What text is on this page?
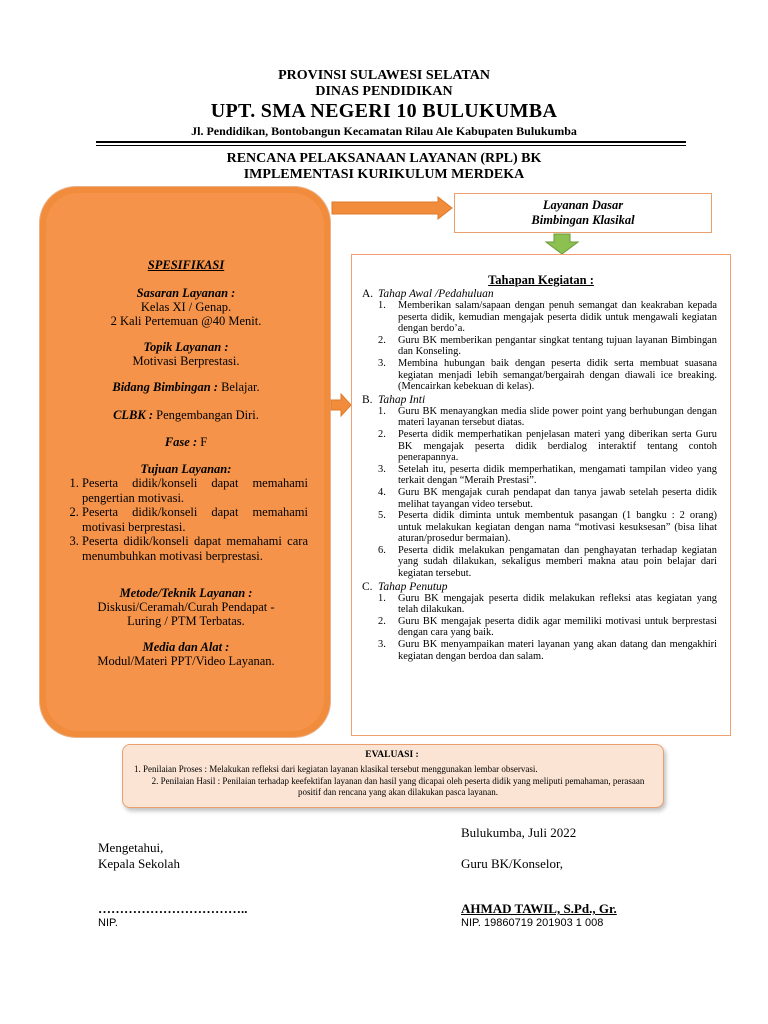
PROVINSI SULAWESI SELATAN
DINAS PENDIDIKAN
UPT. SMA NEGERI 10 BULUKUMBA
Jl. Pendidikan, Bontobangun Kecamatan Rilau Ale Kabupaten Bulukumba
RENCANA PELAKSANAAN LAYANAN (RPL) BK
IMPLEMENTASI KURIKULUM MERDEKA
SPESIFIKASI
Sasaran Layanan :
Kelas XI / Genap.
2 Kali Pertemuan @40 Menit.
Topik Layanan :
Motivasi Berprestasi.
Bidang Bimbingan : Belajar.
CLBK : Pengembangan Diri.
Fase : F
Tujuan Layanan:
1. Peserta didik/konseli dapat memahami pengertian motivasi.
2. Peserta didik/konseli dapat memahami motivasi berprestasi.
3. Peserta didik/konseli dapat memahami cara menumbuhkan motivasi berprestasi.
Metode/Teknik Layanan :
Diskusi/Ceramah/Curah Pendapat -
Luring / PTM Terbatas.
Media dan Alat :
Modul/Materi PPT/Video Layanan.
Layanan Dasar
Bimbingan Klasikal
Tahapan Kegiatan :
A. Tahap Awal /Pedahuluan
1. Memberikan salam/sapaan dengan penuh semangat dan keakraban kepada peserta didik, kemudian mengajak peserta didik untuk mengawali kegiatan dengan berdo’a.
2. Guru BK memberikan pengantar singkat tentang tujuan layanan Bimbingan dan Konseling.
3. Membina hubungan baik dengan peserta didik serta membuat suasana kegiatan menjadi lebih semangat/bergairah dengan diawali ice breaking. (Mencairkan kebekuan di kelas).
B. Tahap Inti
1. Guru BK menayangkan media slide power point yang berhubungan dengan materi layanan tersebut diatas.
2. Peserta didik memperhatikan penjelasan materi yang diberikan serta Guru BK mengajak peserta didik berdialog interaktif tentang contoh penerapannya.
3. Setelah itu, peserta didik memperhatikan, mengamati tampilan video yang terkait dengan “Meraih Prestasi”.
4. Guru BK mengajak curah pendapat dan tanya jawab setelah peserta didik melihat tayangan video tersebut.
5. Peserta didik diminta untuk membentuk pasangan (1 bangku : 2 orang) untuk melakukan kegiatan dengan nama “motivasi kesuksesan” (bisa lihat aturan/prosedur bermaian).
6. Peserta didik melakukan pengamatan dan penghayatan terhadap kegiatan yang sudah dilakukan, sekaligus memberi makna atau poin belajar dari kegiatan tersebut.
C. Tahap Penutup
1. Guru BK mengajak peserta didik melakukan refleksi atas kegiatan yang telah dilakukan.
2. Guru BK mengajak peserta didik agar memiliki motivasi untuk berprestasi dengan cara yang baik.
3. Guru BK menyampaikan materi layanan yang akan datang dan mengakhiri kegiatan dengan berdoa dan salam.
EVALUASI :
1. Penilaian Proses : Melakukan refleksi dari kegiatan layanan klasikal tersebut menggunakan lembar observasi.
2. Penilaian Hasil : Penilaian terhadap keefektifan layanan dan hasil yang dicapai oleh peserta didik yang meliputi pemahaman, perasaan positif dan rencana yang akan dilakukan pasca layanan.
Bulukumba, Juli 2022
Mengetahui,
Kepala Sekolah	Guru BK/Konselor,
……………………………..
NIP.
AHMAD TAWIL, S.Pd., Gr.
NIP. 19860719 201903 1 008
